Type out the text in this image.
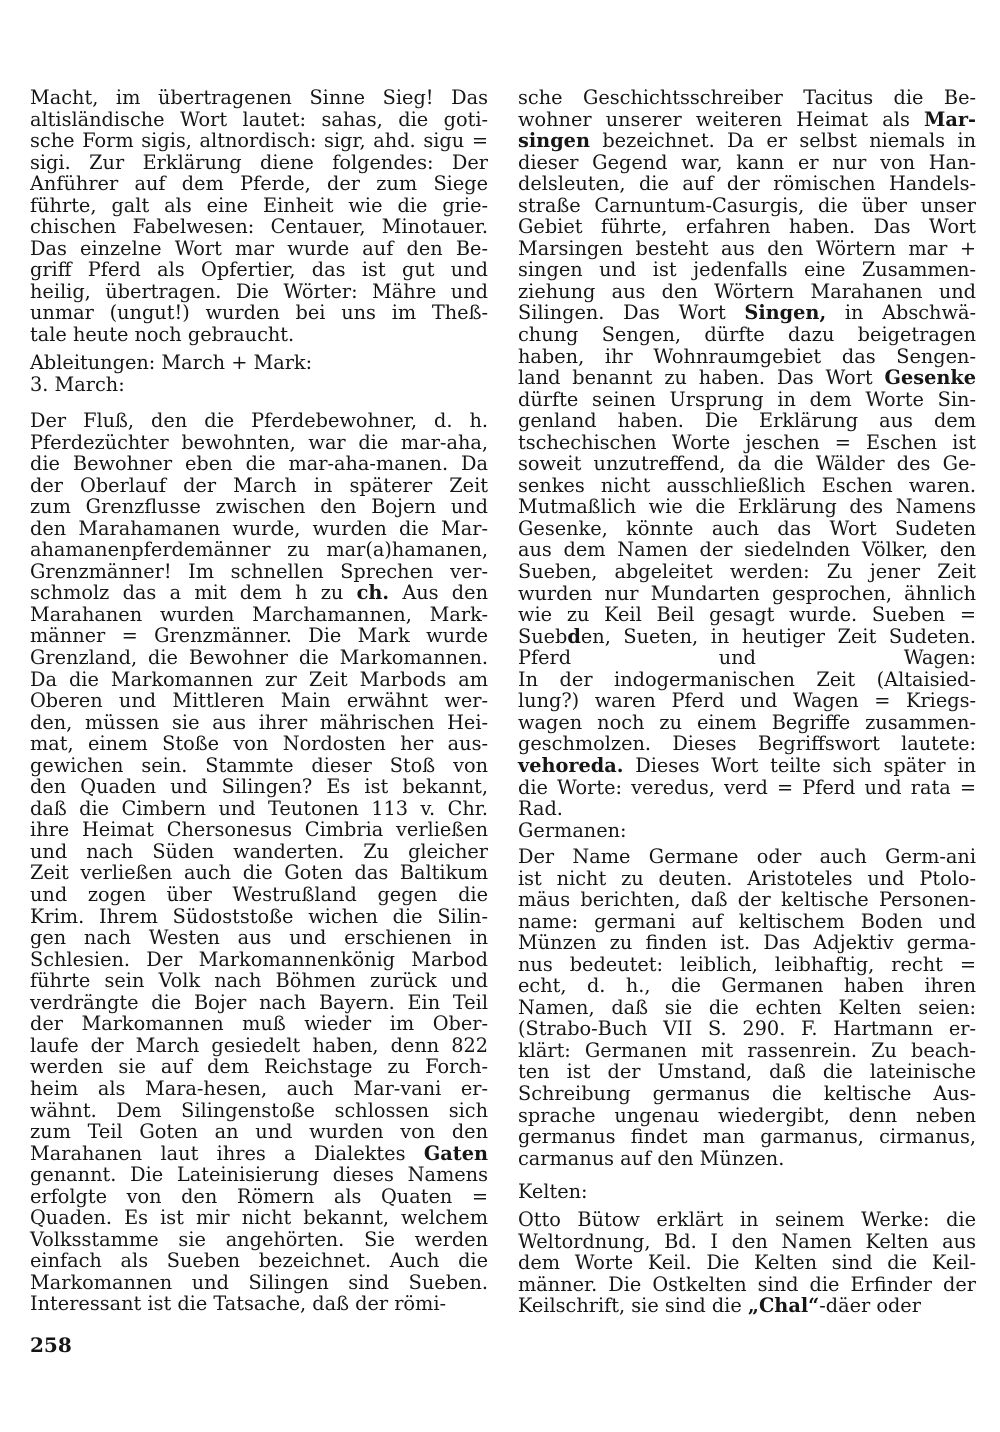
Macht, im übertragenen Sinne Sieg! Das
altisländische Wort lautet: sahas, die goti-
sche Form sigis, altnordisch: sigr, ahd. sigu =
sigi. Zur Erklärung diene folgendes: Der
Anführer auf dem Pferde, der zum Siege
führte, galt als eine Einheit wie die grie-
chischen Fabelwesen: Centauer, Minotauer.
Das einzelne Wort mar wurde auf den Be-
griff Pferd als Opfertier, das ist gut und
heilig, übertragen. Die Wörter: Mähre und
unmar (ungut!) wurden bei uns im Theß-
tale heute noch gebraucht.
Ableitungen: March + Mark:
3. March:
Der Fluß, den die Pferdebewohner, d. h.
Pferdezüchter bewohnten, war die mar-aha,
die Bewohner eben die mar-aha-manen. Da
der Oberlauf der March in späterer Zeit
zum Grenzflusse zwischen den Bojern und
den Marahamanen wurde, wurden die Mar-
ahamanenpferdemänner zu mar(a)hamanen,
Grenzmänner! Im schnellen Sprechen ver-
schmolz das a mit dem h zu ch. Aus den
Marahanen wurden Marchamannen, Mark-
männer = Grenzmänner. Die Mark wurde
Grenzland, die Bewohner die Markomannen.
Da die Markomannen zur Zeit Marbods am
Oberen und Mittleren Main erwähnt wer-
den, müssen sie aus ihrer mährischen Hei-
mat, einem Stoße von Nordosten her aus-
gewichen sein. Stammte dieser Stoß von
den Quaden und Silingen? Es ist bekannt,
daß die Cimbern und Teutonen 113 v. Chr.
ihre Heimat Chersonesus Cimbria verließen
und nach Süden wanderten. Zu gleicher
Zeit verließen auch die Goten das Baltikum
und zogen über Westrußland gegen die
Krim. Ihrem Südoststoße wichen die Silin-
gen nach Westen aus und erschienen in
Schlesien. Der Markomannenkönig Marbod
führte sein Volk nach Böhmen zurück und
verdrängte die Bojer nach Bayern. Ein Teil
der Markomannen muß wieder im Ober-
laufe der March gesiedelt haben, denn 822
werden sie auf dem Reichstage zu Forch-
heim als Mara-hesen, auch Mar-vani er-
wähnt. Dem Silingenstoße schlossen sich
zum Teil Goten an und wurden von den
Marahanen laut ihres a Dialektes Gaten
genannt. Die Lateinisierung dieses Namens
erfolgte von den Römern als Quaten =
Quaden. Es ist mir nicht bekannt, welchem
Volksstamme sie angehörten. Sie werden
einfach als Sueben bezeichnet. Auch die
Markomannen und Silingen sind Sueben.
Interessant ist die Tatsache, daß der römi-
sche Geschichtsschreiber Tacitus die Be-
wohner unserer weiteren Heimat als Mar-
singen bezeichnet. Da er selbst niemals in
dieser Gegend war, kann er nur von Han-
delsleuten, die auf der römischen Handels-
straße Carnuntum-Casurgis, die über unser
Gebiet führte, erfahren haben. Das Wort
Marsingen besteht aus den Wörtern mar +
singen und ist jedenfalls eine Zusammen-
ziehung aus den Wörtern Marahanen und
Silingen. Das Wort Singen, in Abschwä-
chung Sengen, dürfte dazu beigetragen
haben, ihr Wohnraumgebiet das Sengen-
land benannt zu haben. Das Wort Gesenke
dürfte seinen Ursprung in dem Worte Sin-
genland haben. Die Erklärung aus dem
tschechischen Worte jeschen = Eschen ist
soweit unzutreffend, da die Wälder des Ge-
senkes nicht ausschließlich Eschen waren.
Mutmaßlich wie die Erklärung des Namens
Gesenke, könnte auch das Wort Sudeten
aus dem Namen der siedelnden Völker, den
Sueben, abgeleitet werden: Zu jener Zeit
wurden nur Mundarten gesprochen, ähnlich
wie zu Keil Beil gesagt wurde. Sueben =
Suebden, Sueten, in heutiger Zeit Sudeten.
Pferd und Wagen:
In der indogermanischen Zeit (Altaisied-
lung?) waren Pferd und Wagen = Kriegs-
wagen noch zu einem Begriffe zusammen-
geschmolzen. Dieses Begriffswort lautete:
vehoreda. Dieses Wort teilte sich später in
die Worte: veredus, verd = Pferd und rata =
Rad.
Germanen:
Der Name Germane oder auch Germ-ani
ist nicht zu deuten. Aristoteles und Ptolo-
mäus berichten, daß der keltische Personen-
name: germani auf keltischem Boden und
Münzen zu finden ist. Das Adjektiv germa-
nus bedeutet: leiblich, leibhaftig, recht =
echt, d. h., die Germanen haben ihren
Namen, daß sie die echten Kelten seien:
(Strabo-Buch VII S. 290. F. Hartmann er-
klärt: Germanen mit rassenrein. Zu beach-
ten ist der Umstand, daß die lateinische
Schreibung germanus die keltische Aus-
sprache ungenau wiedergibt, denn neben
germanus findet man garmanus, cirmanus,
carmanus auf den Münzen.
Kelten:
Otto Bütow erklärt in seinem Werke: die
Weltordnung, Bd. I den Namen Kelten aus
dem Worte Keil. Die Kelten sind die Keil-
männer. Die Ostkelten sind die Erfinder der
Keilschrift, sie sind die „Chal“-däer oder
258
